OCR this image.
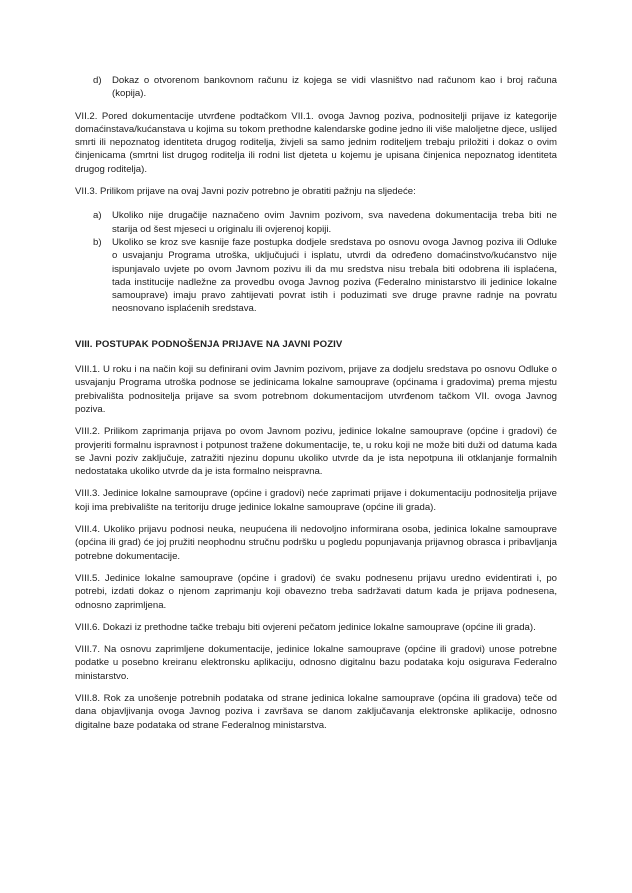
d)	Dokaz o otvorenom bankovnom računu iz kojega se vidi vlasništvo nad računom kao i broj računa (kopija).

VII.2. Pored dokumentacije utvrđene podtačkom VII.1. ovoga Javnog poziva, podnositelji prijave iz kategorije domaćinstava/kućanstava u kojima su tokom prethodne kalendarske godine jedno ili više maloljetne djece, uslijed smrti ili nepoznatog identiteta drugog roditelja, živjeli sa samo jednim roditeljem trebaju priložiti i dokaz o ovim činjenicama (smrtni list drugog roditelja ili rodni list djeteta u kojemu je upisana činjenica nepoznatog identiteta drugog roditelja).

VII.3. Prilikom prijave na ovaj Javni poziv potrebno je obratiti pažnju na sljedeće:

a)	Ukoliko nije drugačije naznačeno ovim Javnim pozivom, sva navedena dokumentacija treba biti ne starija od šest mjeseci u originalu ili ovjerenoj kopiji.
b)	Ukoliko se kroz sve kasnije faze postupka dodjele sredstava po osnovu ovoga Javnog poziva ili Odluke o usvajanju Programa utroška, uključujući i isplatu, utvrdi da određeno domaćinstvo/kućanstvo nije ispunjavalo uvjete po ovom Javnom pozivu ili da mu sredstva nisu trebala biti odobrena ili isplaćena, tada institucije nadležne za provedbu ovoga Javnog poziva (Federalno ministarstvo ili jedinice lokalne samouprave) imaju pravo zahtijevati povrat istih i poduzimati sve druge pravne radnje na povratu neosnovano isplaćenih sredstava.
VIII. POSTUPAK PODNOŠENJA PRIJAVE NA JAVNI POZIV

VIII.1. U roku i na način koji su definirani ovim Javnim pozivom, prijave za dodjelu sredstava po osnovu Odluke o usvajanju Programa utroška podnose se jedinicama lokalne samouprave (općinama i gradovima) prema mjestu prebivališta podnositelja prijave sa svom potrebnom dokumentacijom utvrđenom tačkom VII. ovoga Javnog poziva.

VIII.2. Prilikom zaprimanja prijava po ovom Javnom pozivu, jedinice lokalne samouprave (općine i gradovi) će provjeriti formalnu ispravnost i potpunost tražene dokumentacije, te, u roku koji ne može biti duži od datuma kada se Javni poziv zaključuje, zatražiti njezinu dopunu ukoliko utvrde da je ista nepotpuna ili otklanjanje formalnih nedostataka ukoliko utvrde da je ista formalno neispravna.

VIII.3. Jedinice lokalne samouprave (općine i gradovi) neće zaprimati prijave i dokumentaciju podnositelja prijave koji ima prebivalište na teritoriju druge jedinice lokalne samouprave (općine ili grada).

VIII.4. Ukoliko prijavu podnosi neuka, neupućena ili nedovoljno informirana osoba, jedinica lokalne samouprave (općina ili grad) će joj pružiti neophodnu stručnu podršku u pogledu popunjavanja prijavnog obrasca i pribavljanja potrebne dokumentacije.

VIII.5. Jedinice lokalne samouprave (općine i gradovi) će svaku podnesenu prijavu uredno evidentirati i, po potrebi, izdati dokaz o njenom zaprimanju koji obavezno treba sadržavati datum kada je prijava podnesena, odnosno zaprimljena.

VIII.6. Dokazi iz prethodne tačke trebaju biti ovjereni pečatom jedinice lokalne samouprave (općine ili grada).

VIII.7. Na osnovu zaprimljene dokumentacije, jedinice lokalne samouprave (općine ili gradovi) unose potrebne podatke u posebno kreiranu elektronsku aplikaciju, odnosno digitalnu bazu podataka koju osigurava Federalno ministarstvo.

VIII.8. Rok za unošenje potrebnih podataka od strane jedinica lokalne samouprave (općina ili gradova) teče od dana objavljivanja ovoga Javnog poziva i završava se danom zaključavanja elektronske aplikacije, odnosno digitalne baze podataka od strane Federalnog ministarstva.
